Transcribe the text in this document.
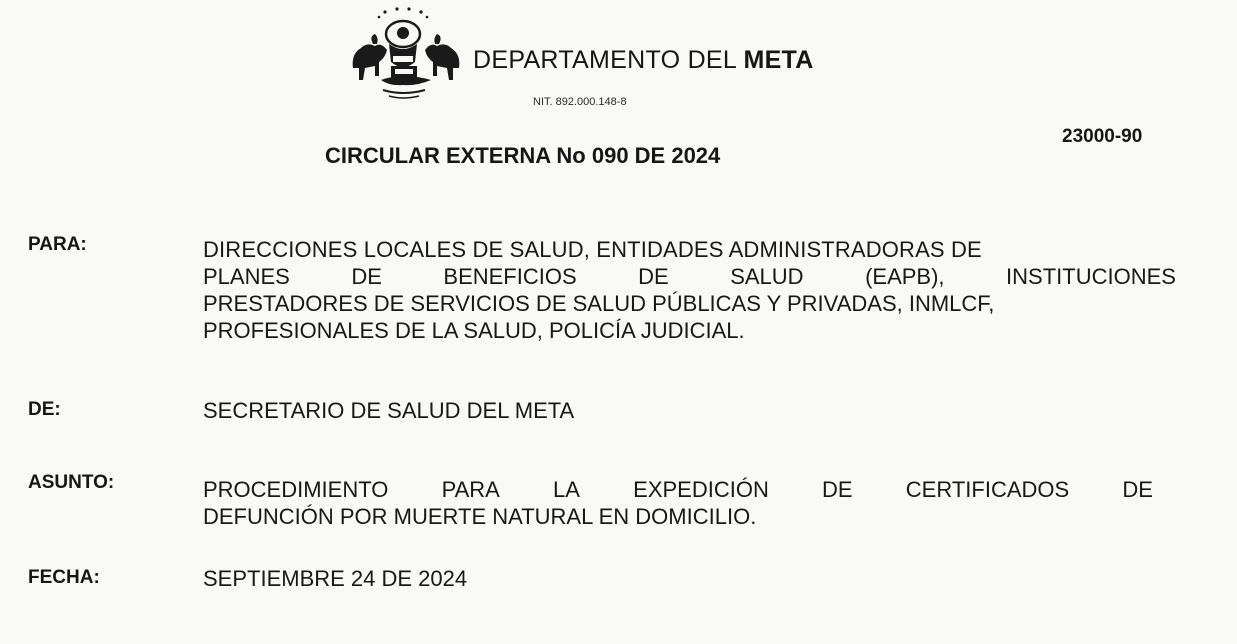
DEPARTAMENTO DEL META
NIT. 892.000.148-8
23000-90
CIRCULAR EXTERNA No 090 DE 2024
PARA:	DIRECCIONES LOCALES DE SALUD, ENTIDADES ADMINISTRADORAS DE
PLANES	DE	BENEFICIOS	DE	SALUD	(EAPB),	INSTITUCIONES
PRESTADORES DE SERVICIOS DE SALUD PÚBLICAS Y PRIVADAS, INMLCF,
PROFESIONALES DE LA SALUD, POLICÍA JUDICIAL.
DE:	SECRETARIO DE SALUD DEL META
ASUNTO:	PROCEDIMIENTO PARA LA EXPEDICIÓN DE CERTIFICADOS DE
DEFUNCIÓN POR MUERTE NATURAL EN DOMICILIO.
FECHA:	SEPTIEMBRE 24 DE 2024
